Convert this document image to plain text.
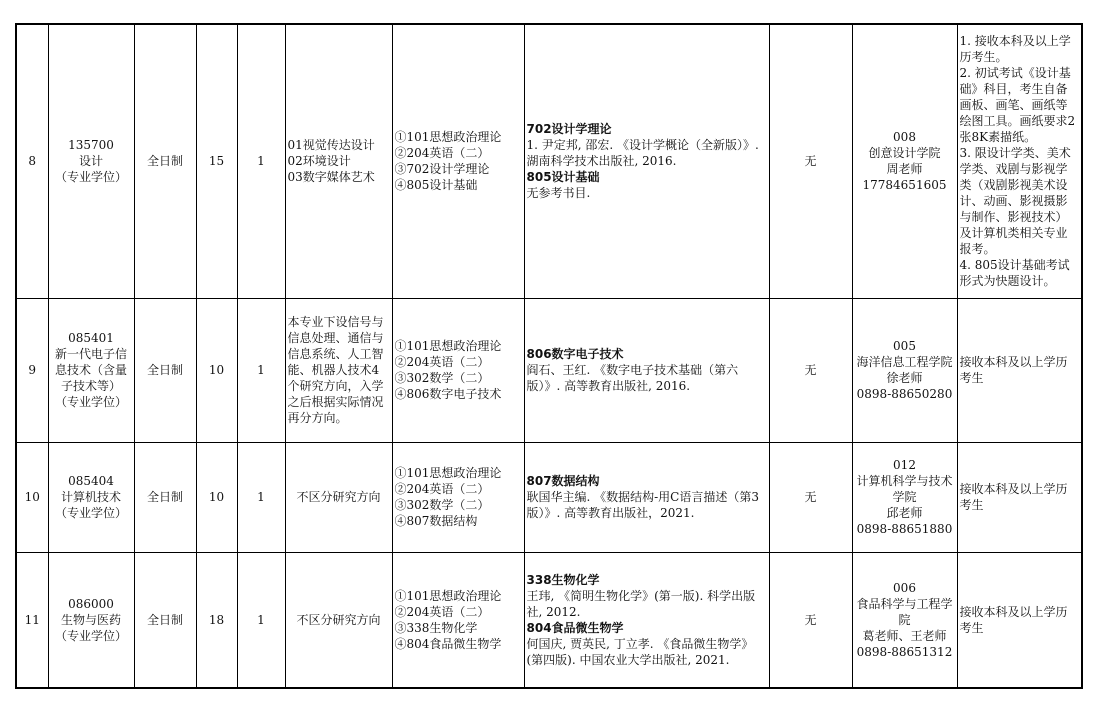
8	135700
设计
（专业学位）	全日制	15	1	01视觉传达设计
02环境设计
03数字媒体艺术	①101思想政治理论
②204英语（二）
③702设计学理论
④805设计基础	702设计学理论
1. 尹定邦, 邵宏. 《设计学概论（全新版）》. 湖南科学技术出版社, 2016.
805设计基础
无参考书目.	无	008
创意设计学院
周老师
17784651605	1. 接收本科及以上学历考生。
2. 初试考试《设计基础》科目，考生自备画板、画笔、画纸等绘图工具。画纸要求2张8K素描纸。
3. 限设计学类、美术学类、戏剧与影视学类（戏剧影视美术设计、动画、影视摄影与制作、影视技术）及计算机类相关专业报考。
4. 805设计基础考试形式为快题设计。
9	085401
新一代电子信息技术（含量子技术等）
（专业学位）	全日制	10	1	本专业下设信号与信息处理、通信与信息系统、人工智能、机器人技术4个研究方向，入学之后根据实际情况再分方向。	①101思想政治理论
②204英语（二）
③302数学（二）
④806数字电子技术	806数字电子技术
阎石、王红. 《数字电子技术基础（第六版）》. 高等教育出版社, 2016.	无	005
海洋信息工程学院
徐老师
0898-88650280	接收本科及以上学历考生
10	085404
计算机技术
（专业学位）	全日制	10	1	不区分研究方向	①101思想政治理论
②204英语（二）
③302数学（二）
④807数据结构	807数据结构
耿国华主编. 《数据结构-用C语言描述（第3版）》. 高等教育出版社，2021.	无	012
计算机科学与技术学院
邱老师
0898-88651880	接收本科及以上学历考生
11	086000
生物与医药
（专业学位）	全日制	18	1	不区分研究方向	①101思想政治理论
②204英语（二）
③338生物化学
④804食品微生物学	338生物化学
王玮, 《简明生物化学》(第一版). 科学出版社, 2012.
804食品微生物学
何国庆, 贾英民, 丁立孝. 《食品微生物学》(第四版). 中国农业大学出版社, 2021.	无	006
食品科学与工程学院
葛老师、王老师
0898-88651312	接收本科及以上学历考生
